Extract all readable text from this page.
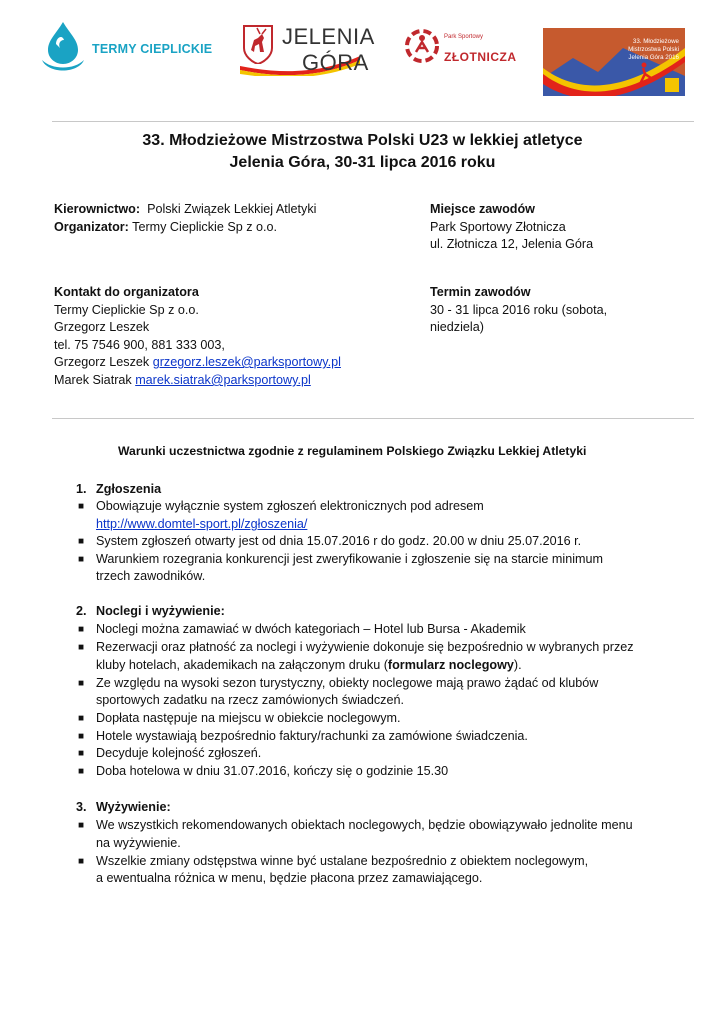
TERMY CIEPLICKIE	JELENIA
GÓRA
Park Sportowy
ZŁOTNICZA
33. Młodzieżowe
Mistrzostwa Polski
Jelenia Góra 2016
33. Młodzieżowe Mistrzostwa Polski U23 w lekkiej atletyce
Jelenia Góra, 30-31 lipca 2016 roku
Kierownictwo: Polski Związek Lekkiej Atletyki
Organizator: Termy Cieplickie Sp z o.o.
Miejsce zawodów
Park Sportowy Złotnicza
ul. Złotnicza 12, Jelenia Góra
Kontakt do organizatora
Termy Cieplickie Sp z o.o.
Grzegorz Leszek
tel. 75 7546 900, 881 333 003,
Grzegorz Leszek grzegorz.leszek@parksportowy.pl
Marek Siatrak marek.siatrak@parksportowy.pl
Termin zawodów
30 - 31 lipca 2016 roku (sobota,
niedziela)
Warunki uczestnictwa zgodnie z regulaminem Polskiego Związku Lekkiej Atletyki
1. Zgłoszenia
■ Obowiązuje wyłącznie system zgłoszeń elektronicznych pod adresem
http://www.domtel-sport.pl/zgłoszenia/
■ System zgłoszeń otwarty jest od dnia 15.07.2016 r do godz. 20.00 w dniu 25.07.2016 r.
■ Warunkiem rozegrania konkurencji jest zweryfikowanie i zgłoszenie się na starcie minimum
trzech zawodników.
2. Noclegi i wyżywienie:
■ Noclegi można zamawiać w dwóch kategoriach – Hotel lub Bursa - Akademik
■ Rezerwacji oraz płatność za noclegi i wyżywienie dokonuje się bezpośrednio w wybranych przez
kluby hotelach, akademikach na załączonym druku (formularz noclegowy).
■ Ze względu na wysoki sezon turystyczny, obiekty noclegowe mają prawo żądać od klubów
sportowych zadatku na rzecz zamówionych świadczeń.
■ Dopłata następuje na miejscu w obiekcie noclegowym.
■ Hotele wystawiają bezpośrednio faktury/rachunki za zamówione świadczenia.
■ Decyduje kolejność zgłoszeń.
■ Doba hotelowa w dniu 31.07.2016, kończy się o godzinie 15.30
3. Wyżywienie:
■ We wszystkich rekomendowanych obiektach noclegowych, będzie obowiązywało jednolite menu
na wyżywienie.
■ Wszelkie zmiany odstępstwa winne być ustalane bezpośrednio z obiektem noclegowym,
a ewentualna różnica w menu, będzie płacona przez zamawiającego.
